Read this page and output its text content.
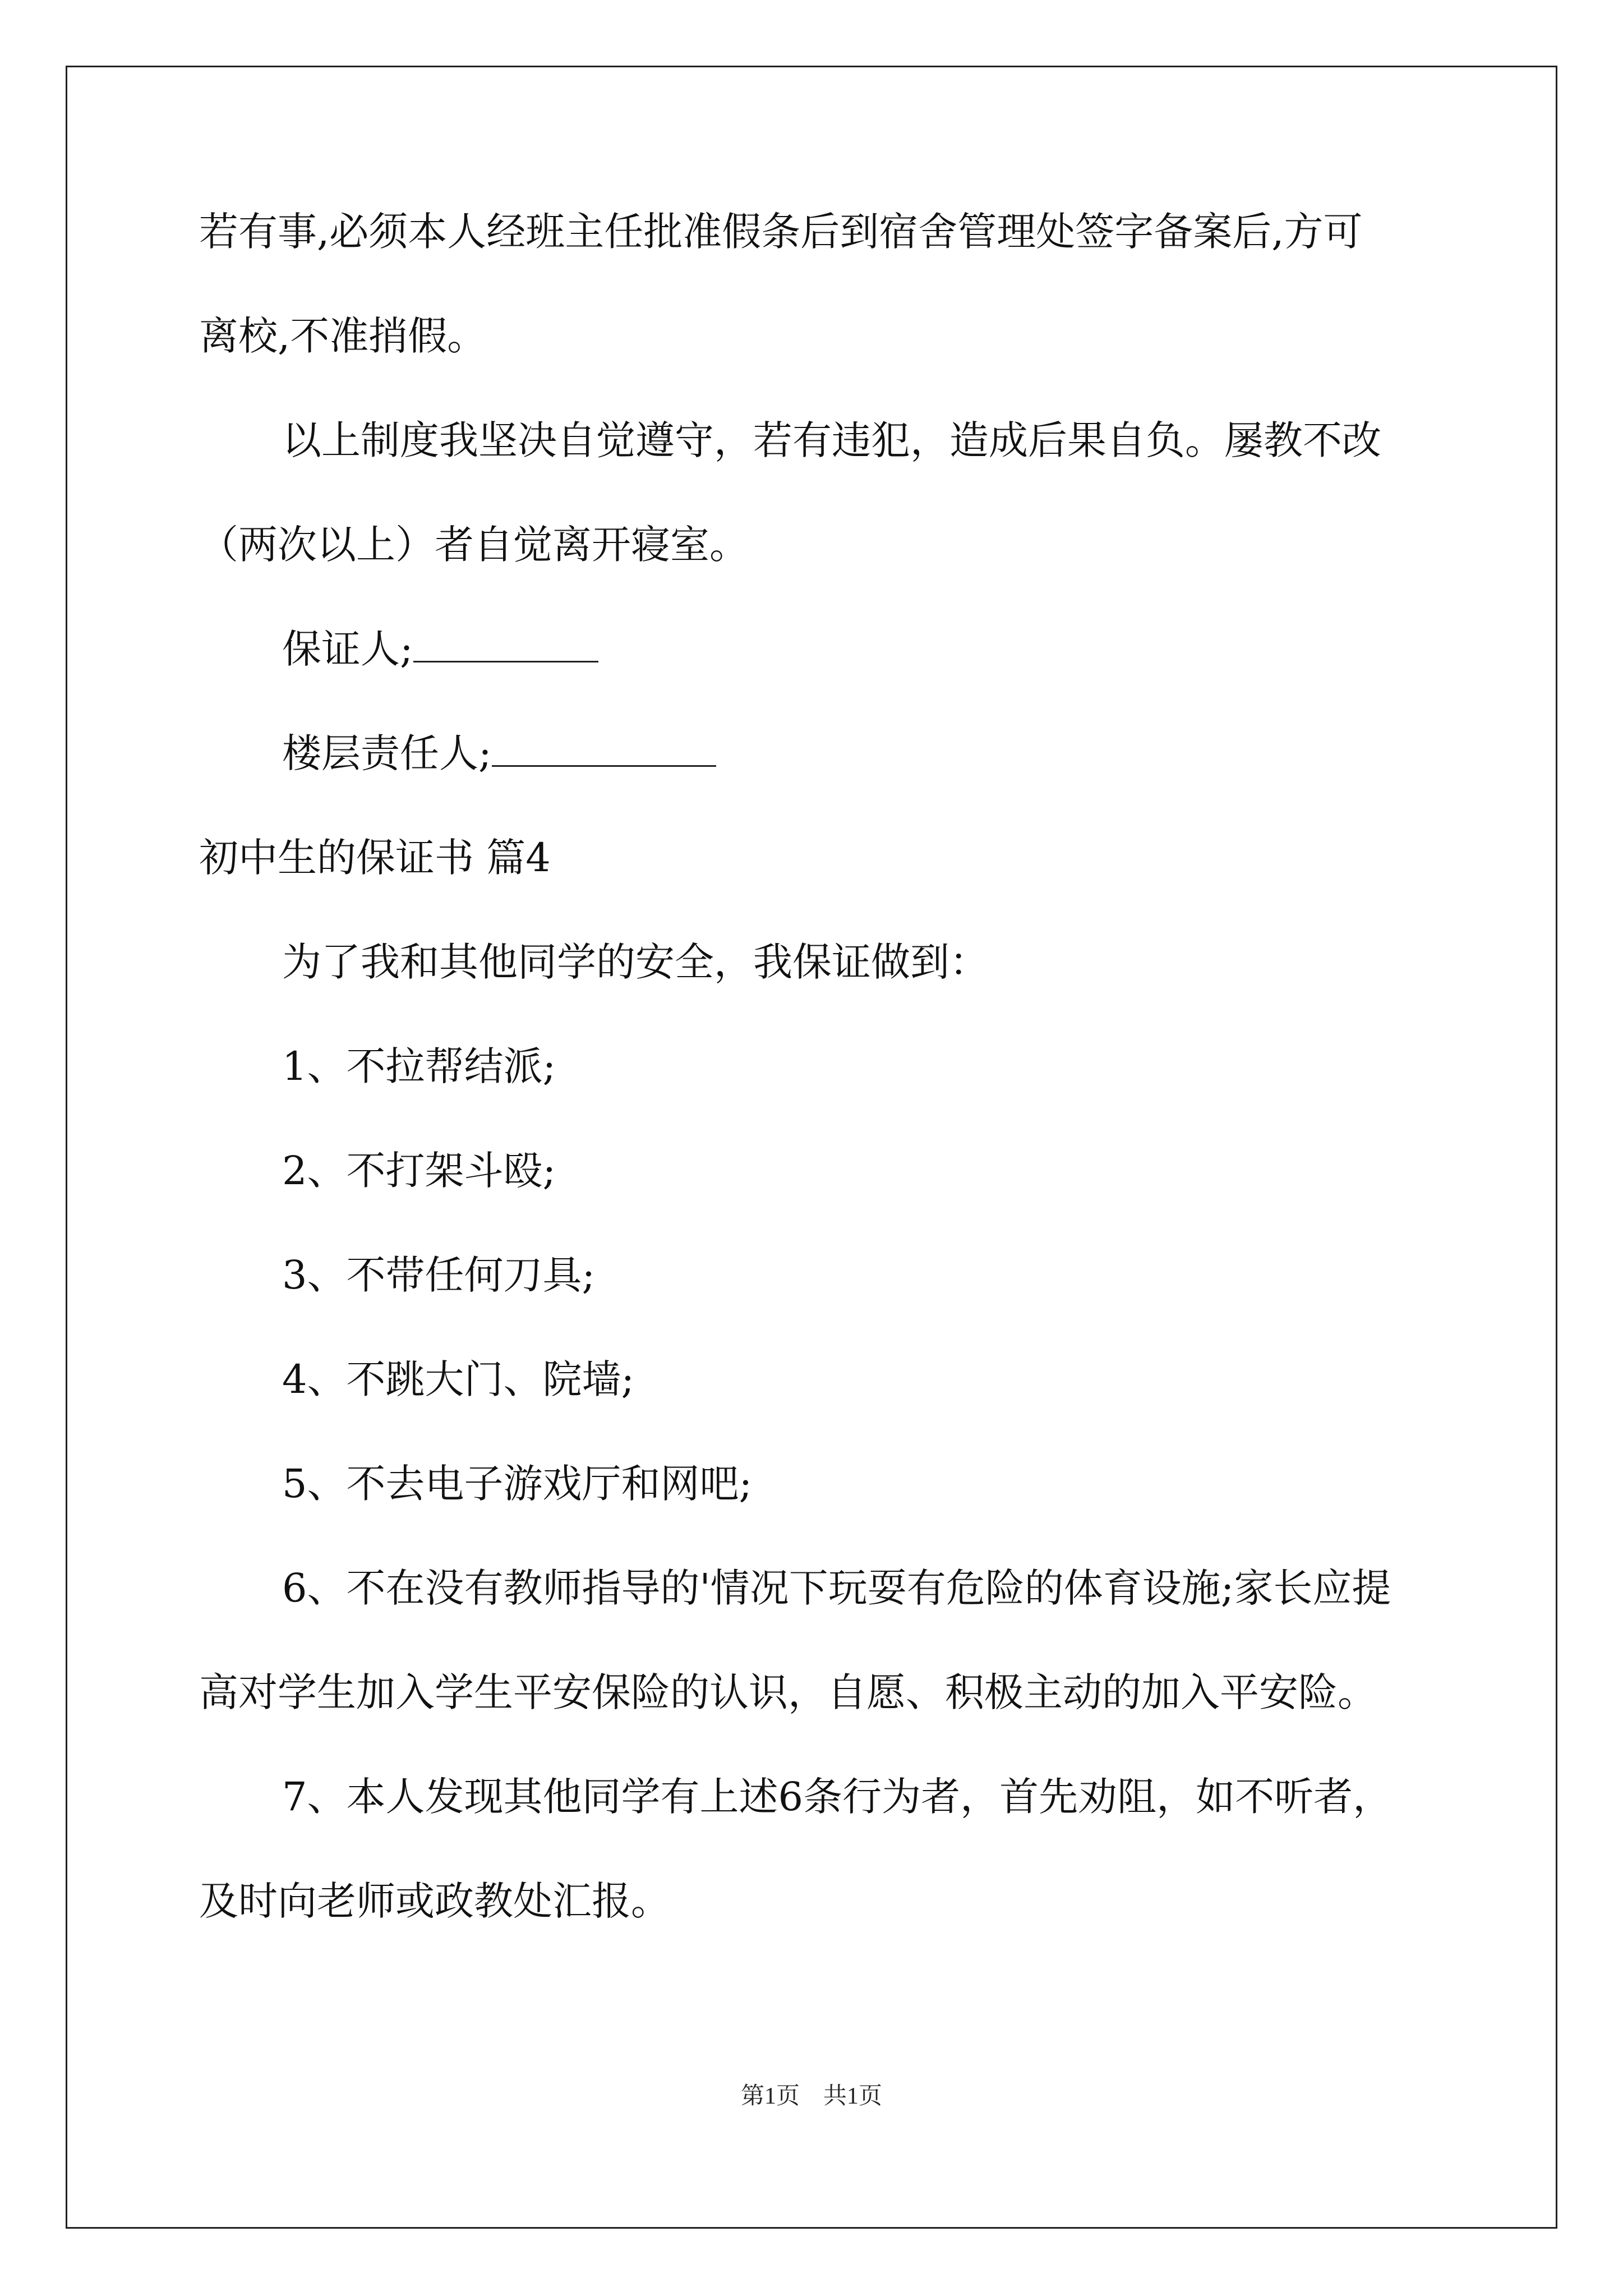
若有事,必须本人经班主任批准假条后到宿舍管理处签字备案后,方可
离校,不准捎假。
以上制度我坚决自觉遵守，若有违犯，造成后果自负。屡教不改
（两次以上）者自觉离开寝室。
保证人;
楼层责任人;
初中生的保证书 篇4
为了我和其他同学的安全，我保证做到：
1、不拉帮结派;
2、不打架斗殴;
3、不带任何刀具;
4、不跳大门、院墙;
5、不去电子游戏厅和网吧;
6、不在没有教师指导的'情况下玩耍有危险的体育设施;家长应提
高对学生加入学生平安保险的认识，自愿、积极主动的加入平安险。
7、本人发现其他同学有上述6条行为者，首先劝阻，如不听者，
及时向老师或政教处汇报。
第1页　共1页
